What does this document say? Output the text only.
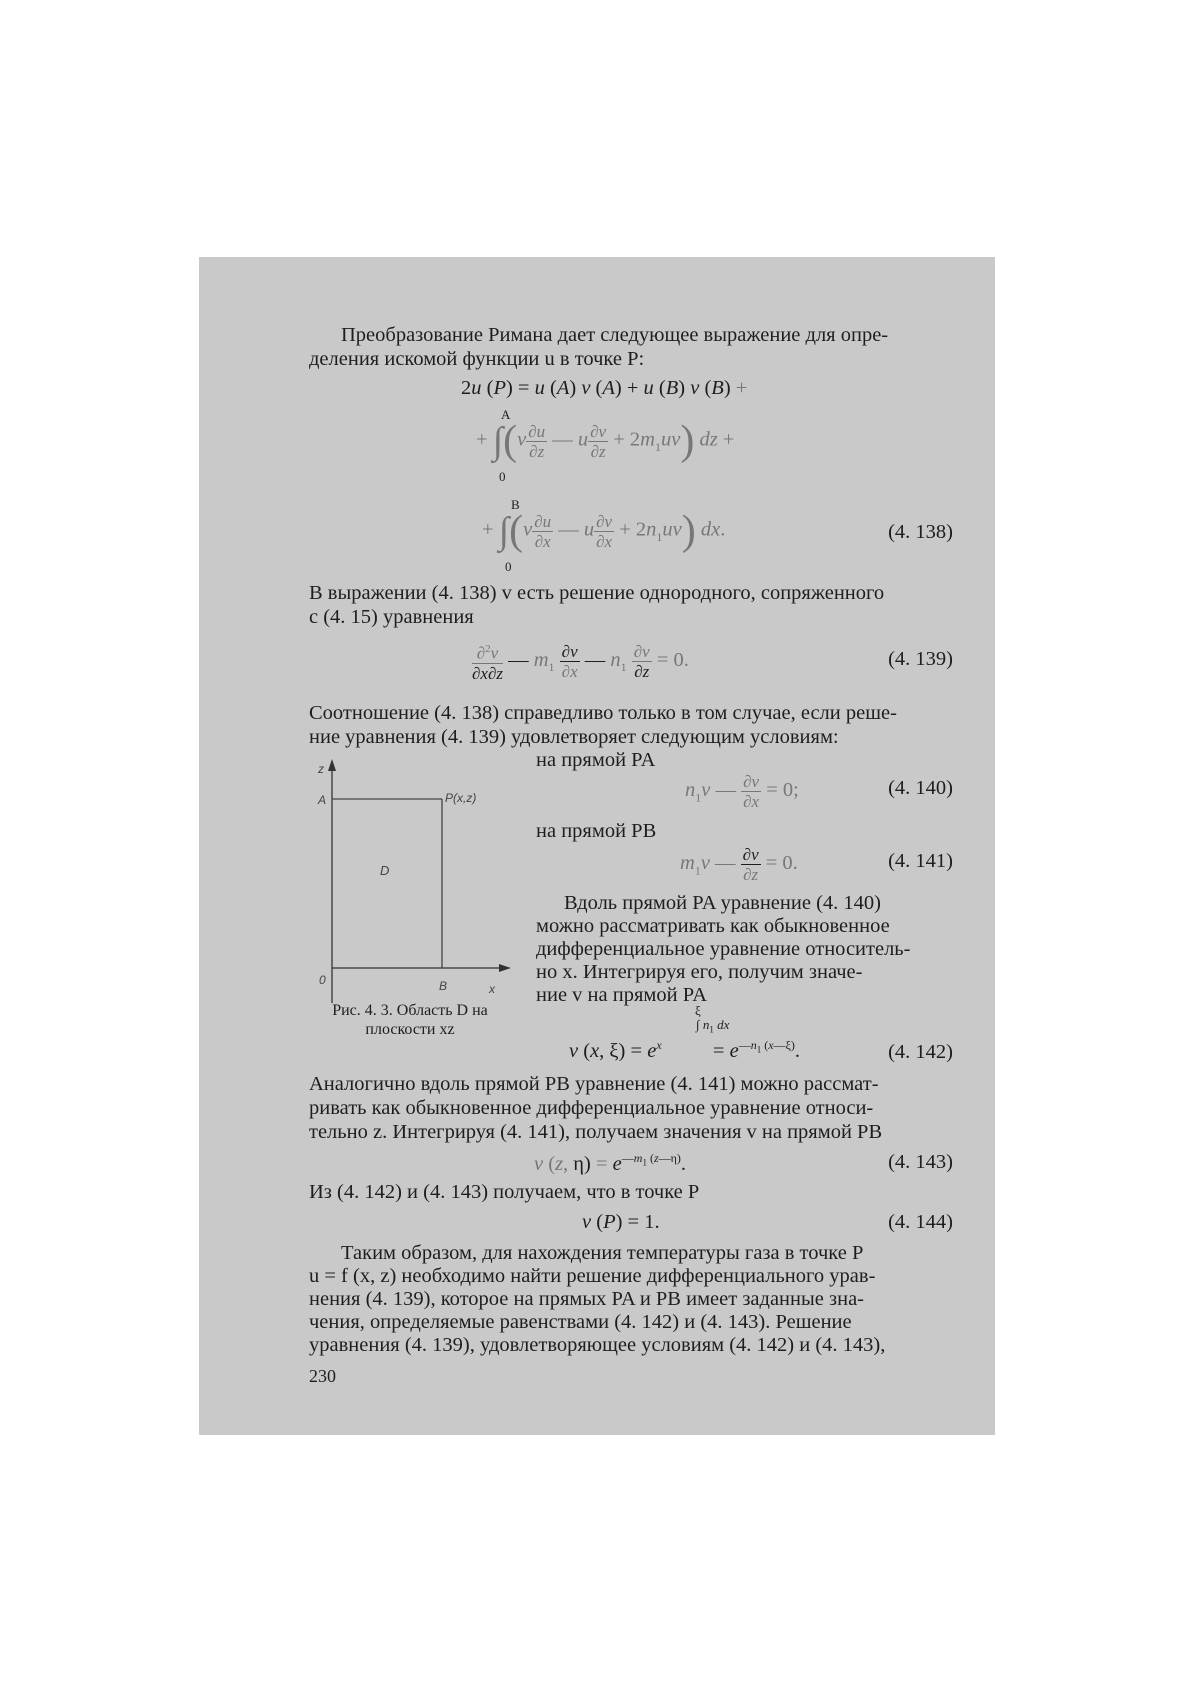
Преобразование Римана дает следующее выражение для опре-
деления искомой функции u в точке P:
2u (P) = u (A) v (A) + u (B) v (B) +
A
+ $\int(v \frac{\partial u}{\partial z}$ — u $\frac{\partial v}{\partial z} + 2m_1uv$) dz +
0
B
+ $\int(v \frac{\partial u}{\partial x}$ — u $\frac{\partial v}{\partial x} + 2n_1uv$) dx.
0
(4. 138)
В выражении (4. 138) v есть решение однородного, сопряженного
с (4. 15) уравнения
$\frac{\partial^2v}{\partial x\partial z}$ — $m_1 \frac{\partial v}{\partial x}$ — $n_1 \frac{\partial v}{\partial z} = 0$.	(4. 139)
Соотношение (4. 138) справедливо только в том случае, если реше-
ние уравнения (4. 139) удовлетворяет следующим условиям:
на прямой PA
$n_1v$ — $\frac{\partial v}{\partial x} = 0$;	(4. 140)
на прямой PB
$m_1v$ — $\frac{\partial v}{\partial z} = 0$.	(4. 141)
z
A	P(x,z)
D
0	B	x
Рис. 4. 3. Область D на
плоскости xz
Вдоль прямой PA уравнение (4. 140)
можно рассматривать как обыкновенное
дифференциальное уравнение относитель-
но x. Интегрируя его, получим значе-
ние v на прямой PA
ξ
∫ $n_1$ dx
v (x, $\xi) = e^x$          = $e^{—n_1 (x—\xi)}$.	(4. 142)
Аналогично вдоль прямой PB уравнение (4. 141) можно рассмат-
ривать как обыкновенное дифференциальное уравнение относи-
тельно z. Интегрируя (4. 141), получаем значения v на прямой PB
v (z, $\eta) = e^{—m_1 (z—\eta)}$.	(4. 143)
Из (4. 142) и (4. 143) получаем, что в точке P
v (P) = 1.	(4. 144)
Таким образом, для нахождения температуры газа в точке P
u = f (x, z) необходимо найти решение дифференциального урав-
нения (4. 139), которое на прямых PA и PB имеет заданные зна-
чения, определяемые равенствами (4. 142) и (4. 143). Решение
уравнения (4. 139), удовлетворяющее условиям (4. 142) и (4. 143),
230
